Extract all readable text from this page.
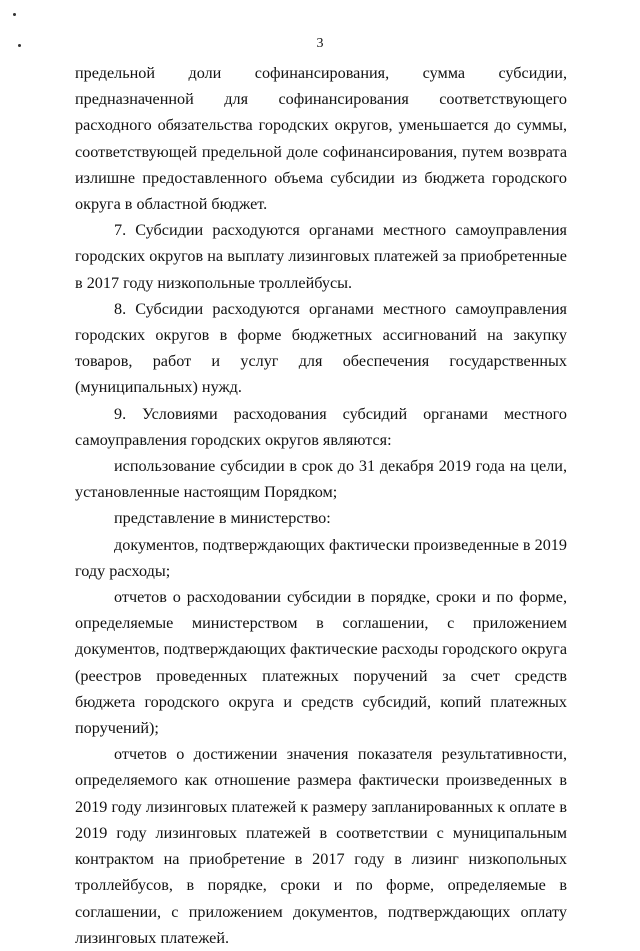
3

предельной доли софинансирования, сумма субсидии, предназначенной для софинансирования соответствующего расходного обязательства городских округов, уменьшается до суммы, соответствующей предельной доле софинансирования, путем возврата излишне предоставленного объема субсидии из бюджета городского округа в областной бюджет.

7. Субсидии расходуются органами местного самоуправления городских округов на выплату лизинговых платежей за приобретенные в 2017 году низкопольные троллейбусы.

8. Субсидии расходуются органами местного самоуправления городских округов в форме бюджетных ассигнований на закупку товаров, работ и услуг для обеспечения государственных (муниципальных) нужд.

9. Условиями расходования субсидий органами местного самоуправления городских округов являются:

использование субсидии в срок до 31 декабря 2019 года на цели, установленные настоящим Порядком;

представление в министерство:

документов, подтверждающих фактически произведенные в 2019 году расходы;

отчетов о расходовании субсидии в порядке, сроки и по форме, определяемые министерством в соглашении, с приложением документов, подтверждающих фактические расходы городского округа (реестров проведенных платежных поручений за счет средств бюджета городского округа и средств субсидий, копий платежных поручений);

отчетов о достижении значения показателя результативности, определяемого как отношение размера фактически произведенных в 2019 году лизинговых платежей к размеру запланированных к оплате в 2019 году лизинговых платежей в соответствии с муниципальным контрактом на приобретение в 2017 году в лизинг низкопольных троллейбусов, в порядке, сроки и по форме, определяемые в соглашении, с приложением документов, подтверждающих оплату лизинговых платежей.
